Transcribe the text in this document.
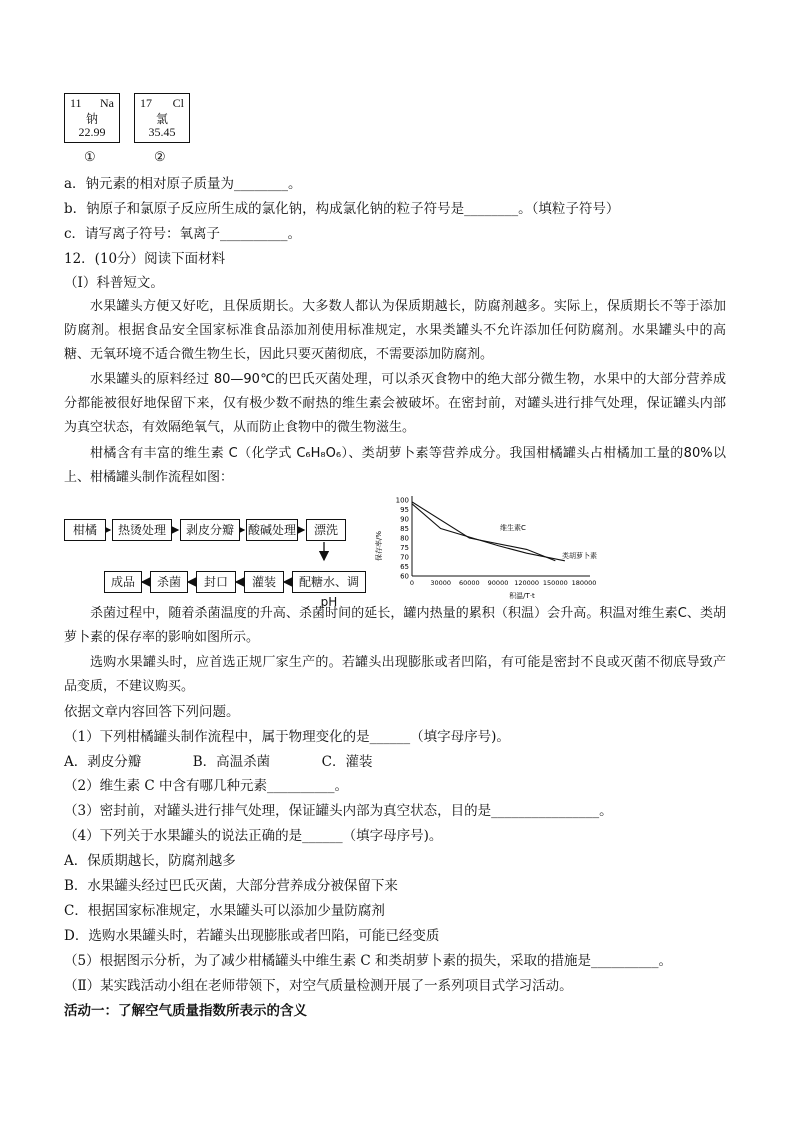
11 Na
钠
22.99
①
17 Cl
氯
35.45
②
a．钠元素的相对原子质量为________。
b．钠原子和氯原子反应所生成的氯化钠，构成氯化钠的粒子符号是________。（填粒子符号）
c．请写离子符号：氧离子__________。
12．(10分）阅读下面材料
（Ⅰ）科普短文。
水果罐头方便又好吃，且保质期长。大多数人都认为保质期越长，防腐剂越多。实际上，保质期长不等于添加防腐剂。根据食品安全国家标准食品添加剂使用标准规定，水果类罐头不允许添加任何防腐剂。水果罐头中的高糖、无氧环境不适合微生物生长，因此只要灭菌彻底，不需要添加防腐剂。
水果罐头的原料经过 80—90℃的巴氏灭菌处理，可以杀灭食物中的绝大部分微生物，水果中的大部分营养成分都能被很好地保留下来，仅有极少数不耐热的维生素会被破坏。在密封前，对罐头进行排气处理，保证罐头内部为真空状态，有效隔绝氧气，从而防止食物中的微生物滋生。
柑橘含有丰富的维生素 C（化学式 C₆H₈O₆）、类胡萝卜素等营养成分。我国柑橘罐头占柑橘加工量的80%以上、柑橘罐头制作流程如图：
柑橘	热烫处理	剥皮分瓣	酸碱处理	漂洗
配糖水、调pH
灌装
封口
杀菌
成品
100
95
90
85
80
75
70
65
60
0	30000 60000 90000 120000 150000 180000
保存率/%
积温/T·t
维生素C
类胡萝卜素
杀菌过程中，随着杀菌温度的升高、杀菌时间的延长，罐内热量的累积（积温）会升高。积温对维生素C、类胡萝卜素的保存率的影响如图所示。
选购水果罐头时，应首选正规厂家生产的。若罐头出现膨胀或者凹陷，有可能是密封不良或灭菌不彻底导致产品变质，不建议购买。
依据文章内容回答下列问题。
（1）下列柑橘罐头制作流程中，属于物理变化的是______（填字母序号)。
A．剥皮分瓣            B．高温杀菌            C．灌装
（2）维生素 C 中含有哪几种元素__________。
（3）密封前，对罐头进行排气处理，保证罐头内部为真空状态，目的是________________。
（4）下列关于水果罐头的说法正确的是______（填字母序号)。
A．保质期越长，防腐剂越多
B．水果罐头经过巴氏灭菌，大部分营养成分被保留下来
C．根据国家标准规定，水果罐头可以添加少量防腐剂
D．选购水果罐头时，若罐头出现膨胀或者凹陷，可能已经变质
（5）根据图示分析，为了减少柑橘罐头中维生素 C 和类胡萝卜素的损失，采取的措施是__________。
（Ⅱ）某实践活动小组在老师带领下，对空气质量检测开展了一系列项目式学习活动。
活动一：了解空气质量指数所表示的含义
